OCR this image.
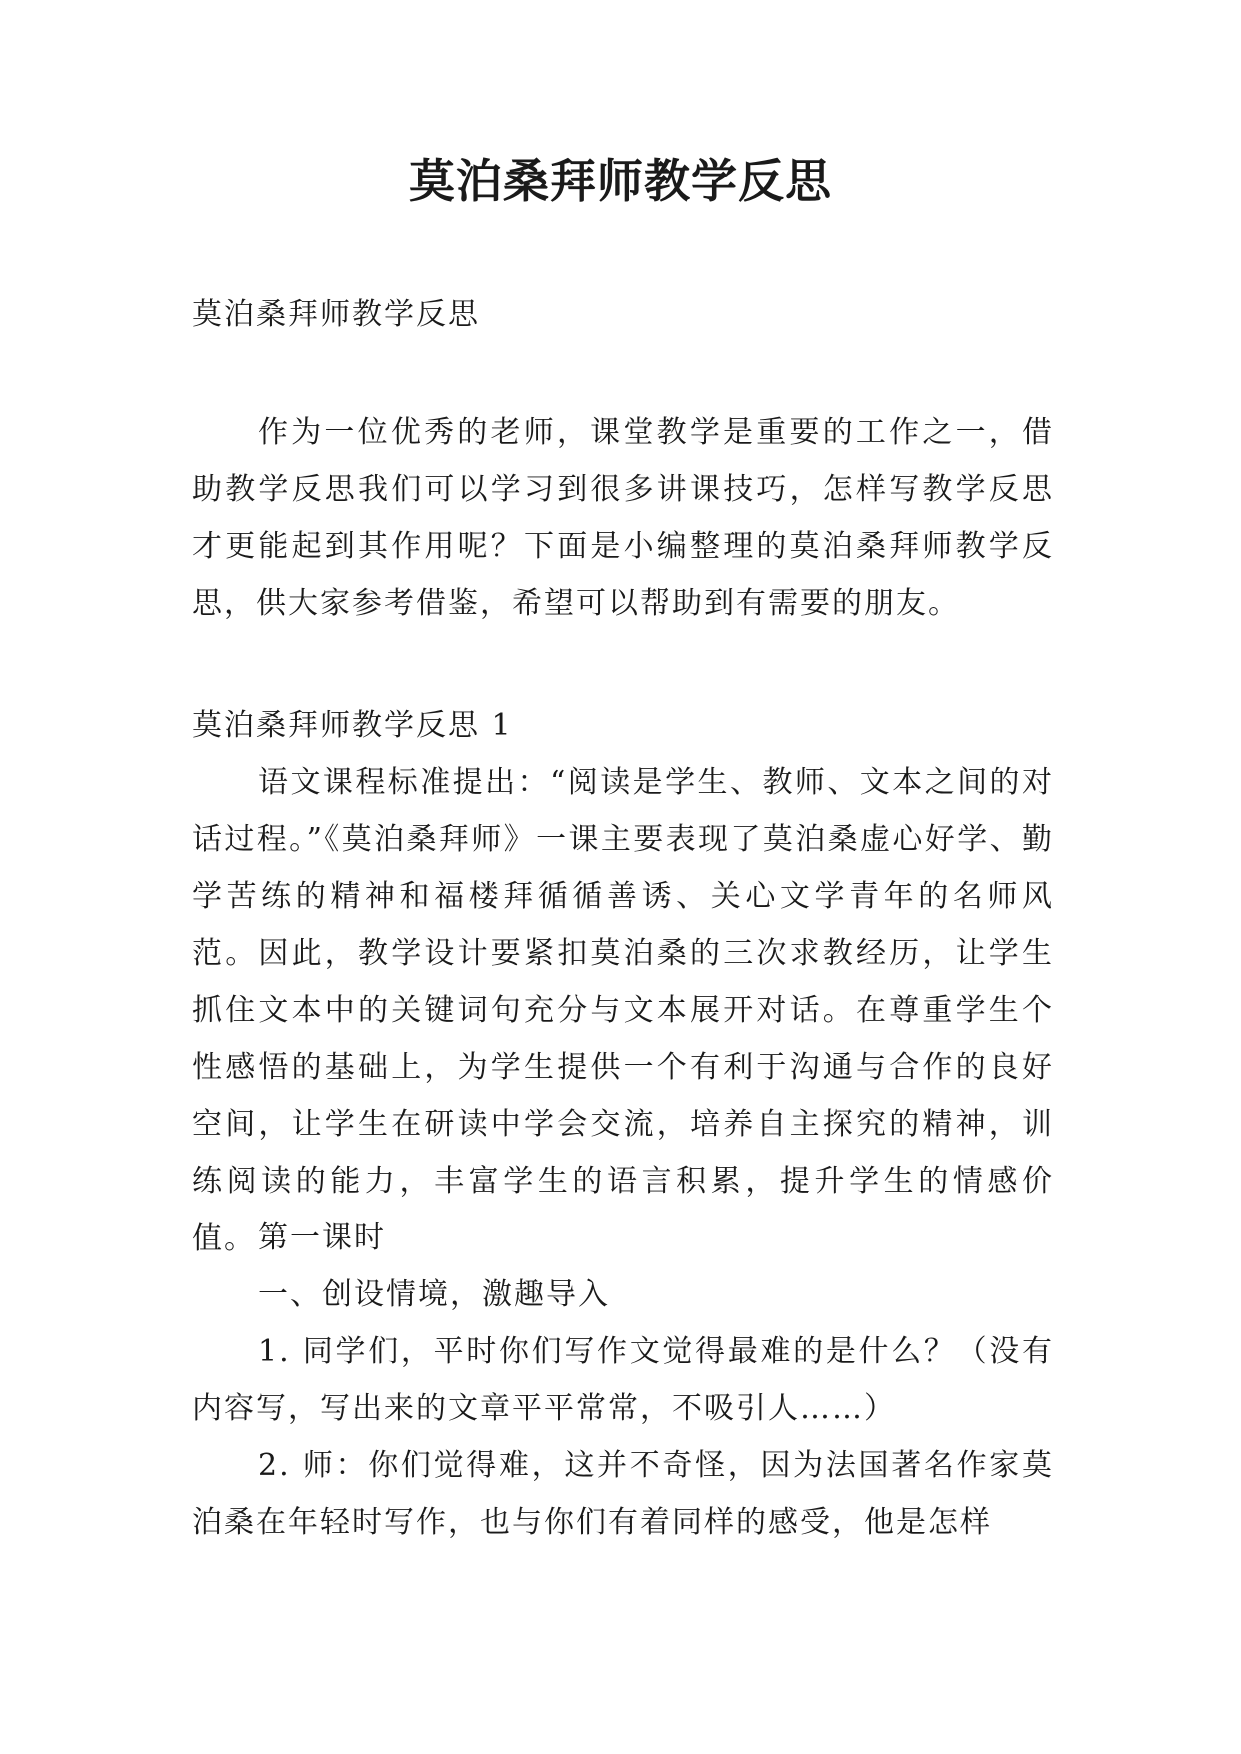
莫泊桑拜师教学反思

莫泊桑拜师教学反思

作为一位优秀的老师，课堂教学是重要的工作之一，借助教学反思我们可以学习到很多讲课技巧，怎样写教学反思才更能起到其作用呢？下面是小编整理的莫泊桑拜师教学反思，供大家参考借鉴，希望可以帮助到有需要的朋友。

莫泊桑拜师教学反思 1

语文课程标准提出：“阅读是学生、教师、文本之间的对话过程。”《莫泊桑拜师》一课主要表现了莫泊桑虚心好学、勤学苦练的精神和福楼拜循循善诱、关心文学青年的名师风范。因此，教学设计要紧扣莫泊桑的三次求教经历，让学生抓住文本中的关键词句充分与文本展开对话。在尊重学生个性感悟的基础上，为学生提供一个有利于沟通与合作的良好空间，让学生在研读中学会交流，培养自主探究的精神，训练阅读的能力，丰富学生的语言积累，提升学生的情感价值。 第一课时

一、创设情境，激趣导入

1. 同学们，平时你们写作文觉得最难的是什么？（没有内容写，写出来的文章平平常常，不吸引人……）

2. 师：你们觉得难，这并不奇怪，因为法国著名作家莫泊桑在年轻时写作，也与你们有着同样的感受，他是怎样
